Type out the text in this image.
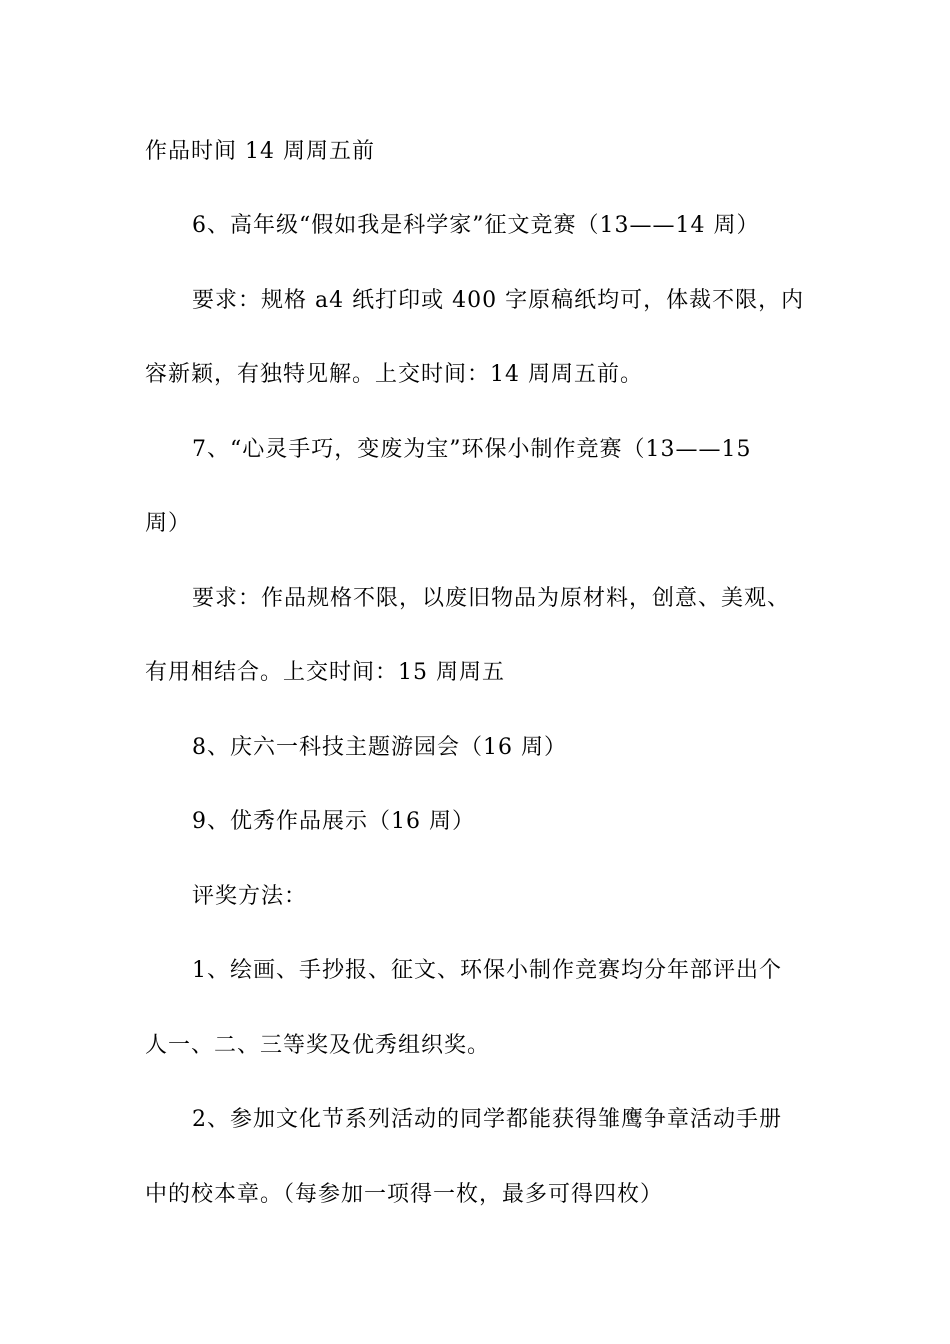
作品时间 14 周周五前
6、高年级“假如我是科学家”征文竞赛（13——14 周）
要求：规格 a4 纸打印或 400 字原稿纸均可，体裁不限，内
容新颖，有独特见解。上交时间：14 周周五前。
7、“心灵手巧，变废为宝”环保小制作竞赛（13——15
周）
要求：作品规格不限，以废旧物品为原材料，创意、美观、
有用相结合。上交时间：15 周周五
8、庆六一科技主题游园会（16 周）
9、优秀作品展示（16 周）
评奖方法：
1、绘画、手抄报、征文、环保小制作竞赛均分年部评出个
人一、二、三等奖及优秀组织奖。
2、参加文化节系列活动的同学都能获得雏鹰争章活动手册
中的校本章。（每参加一项得一枚，最多可得四枚）
